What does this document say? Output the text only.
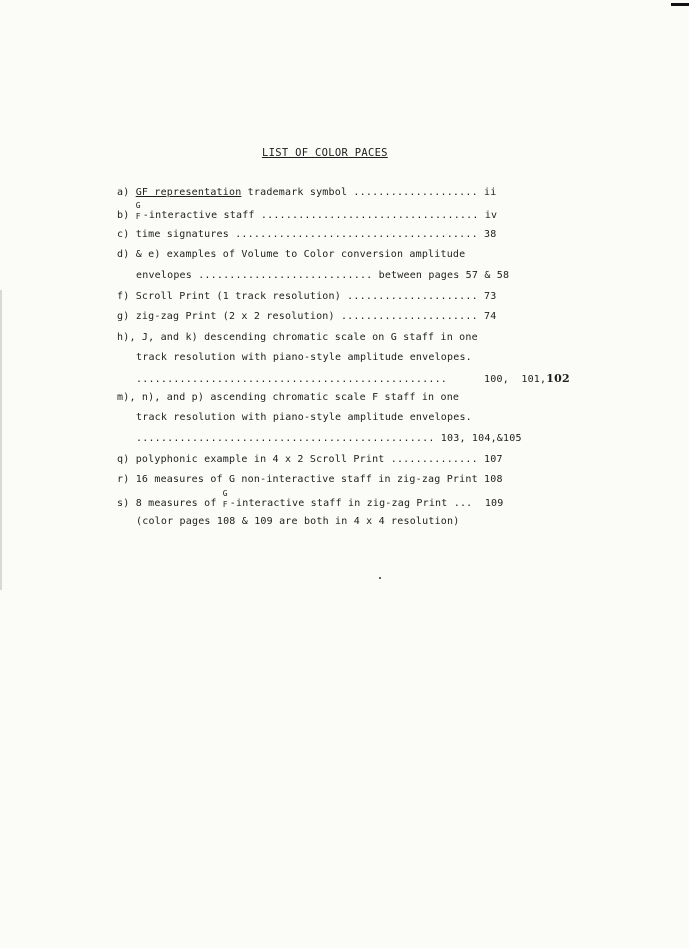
LIST OF COLOR PACES
a) GF representation trademark symbol .................... ii
b)
G
F -interactive staff ................................... iv
c) time signatures ....................................... 38
d) & e) examples of Volume to Color conversion amplitude
envelopes ............................ between pages 57 & 58
f) Scroll Print (1 track resolution) ..................... 73
g) zig-zag Print (2 x 2 resolution) ...................... 74
h), J, and k) descending chromatic scale on G staff in one
track resolution with piano-style amplitude envelopes.
..................................................	100,  101,102
m), n), and p) ascending chromatic scale F staff in one
track resolution with piano-style amplitude envelopes.
................................................ 103, 104,&105
q) polyphonic example in 4 x 2 Scroll Print .............. 107
r) 16 measures of G non-interactive staff in zig-zag Print 108
s) 8 measures of
G
F -interactive staff in zig-zag Print ...  109
(color pages 108 & 109 are both in 4 x 4 resolution)
